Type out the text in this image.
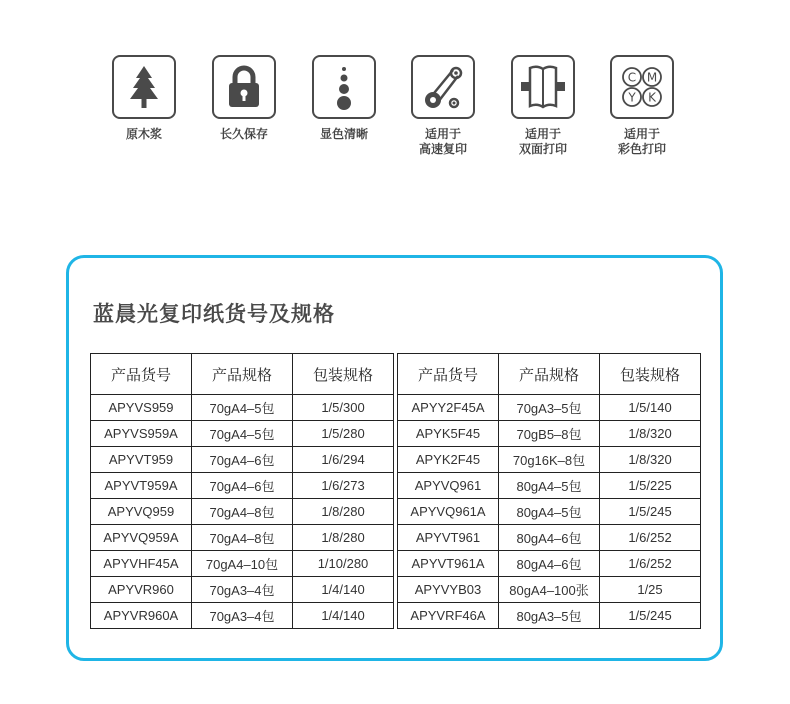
原木浆	长久保存	显色清晰	适用于
高速复印
适用于
双面打印
C M
Y K
适用于
彩色打印
蓝晨光复印纸货号及规格
产品货号	产品规格	包装规格
APYVS959	70gA4–5包	1/5/300
APYVS959A	70gA4–5包	1/5/280
APYVT959	70gA4–6包	1/6/294
APYVT959A	70gA4–6包	1/6/273
APYVQ959	70gA4–8包	1/8/280
APYVQ959A	70gA4–8包	1/8/280
APYVHF45A	70gA4–10包	1/10/280
APYVR960	70gA3–4包	1/4/140
APYVR960A	70gA3–4包	1/4/140
产品货号	产品规格	包装规格
APYY2F45A	70gA3–5包	1/5/140
APYK5F45	70gB5–8包	1/8/320
APYK2F45	70g16K–8包	1/8/320
APYVQ961	80gA4–5包	1/5/225
APYVQ961A	80gA4–5包	1/5/245
APYVT961	80gA4–6包	1/6/252
APYVT961A	80gA4–6包	1/6/252
APYVYB03	80gA4–100张	1/25
APYVRF46A	80gA3–5包	1/5/245
